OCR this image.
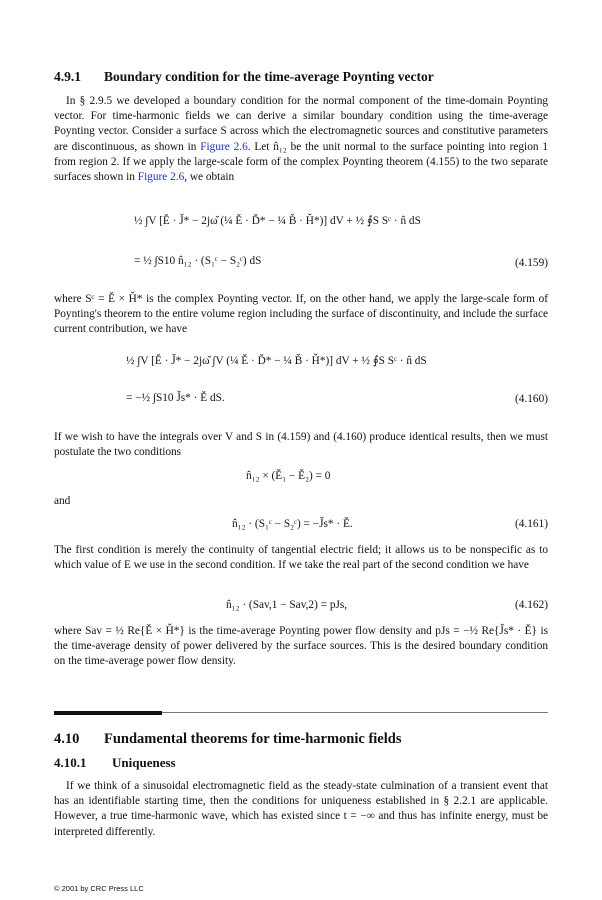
4.9.1 Boundary condition for the time-average Poynting vector
In § 2.9.5 we developed a boundary condition for the normal component of the time-domain Poynting vector. For time-harmonic fields we can derive a similar boundary condition using the time-average Poynting vector. Consider a surface S across which the electromagnetic sources and constitutive parameters are discontinuous, as shown in Figure 2.6. Let n̂₁₂ be the unit normal to the surface pointing into region 1 from region 2. If we apply the large-scale form of the complex Poynting theorem (4.155) to the two separate surfaces shown in Figure 2.6, we obtain
½ ∫V [Ě · J̌* − 2jω̌ (¼ Ě · Ď* − ¼ B̌ · Ȟ*)] dV + ½ ∮S Sᶜ · n̂ dS
= ½ ∫S10 n̂₁₂ · (S₁ᶜ − S₂ᶜ) dS	(4.159)
where Sᶜ = Ě × Ȟ* is the complex Poynting vector. If, on the other hand, we apply the large-scale form of Poynting's theorem to the entire volume region including the surface of discontinuity, and include the surface current contribution, we have
½ ∫V [Ě · J̌* − 2jω̌ ∫V (¼ Ě · Ď* − ¼ B̌ · Ȟ*)] dV + ½ ∮S Sᶜ · n̂ dS
= −½ ∫S10 J̌s* · Ě dS.	(4.160)
If we wish to have the integrals over V and S in (4.159) and (4.160) produce identical results, then we must postulate the two conditions
n̂₁₂ × (Ě₁ − Ě₂) = 0
and
n̂₁₂ · (S₁ᶜ − S₂ᶜ) = −J̌s* · Ě.	(4.161)
The first condition is merely the continuity of tangential electric field; it allows us to be nonspecific as to which value of E we use in the second condition. If we take the real part of the second condition we have
n̂₁₂ · (Sav,1 − Sav,2) = pJs,	(4.162)
where Sav = ½ Re{Ě × Ȟ*} is the time-average Poynting power flow density and pJs = −½ Re{J̌s* · Ě} is the time-average density of power delivered by the surface sources. This is the desired boundary condition on the time-average power flow density.
4.10 Fundamental theorems for time-harmonic fields
4.10.1 Uniqueness
If we think of a sinusoidal electromagnetic field as the steady-state culmination of a transient event that has an identifiable starting time, then the conditions for uniqueness established in § 2.2.1 are applicable. However, a true time-harmonic wave, which has existed since t = −∞ and thus has infinite energy, must be interpreted differently.
© 2001 by CRC Press LLC
